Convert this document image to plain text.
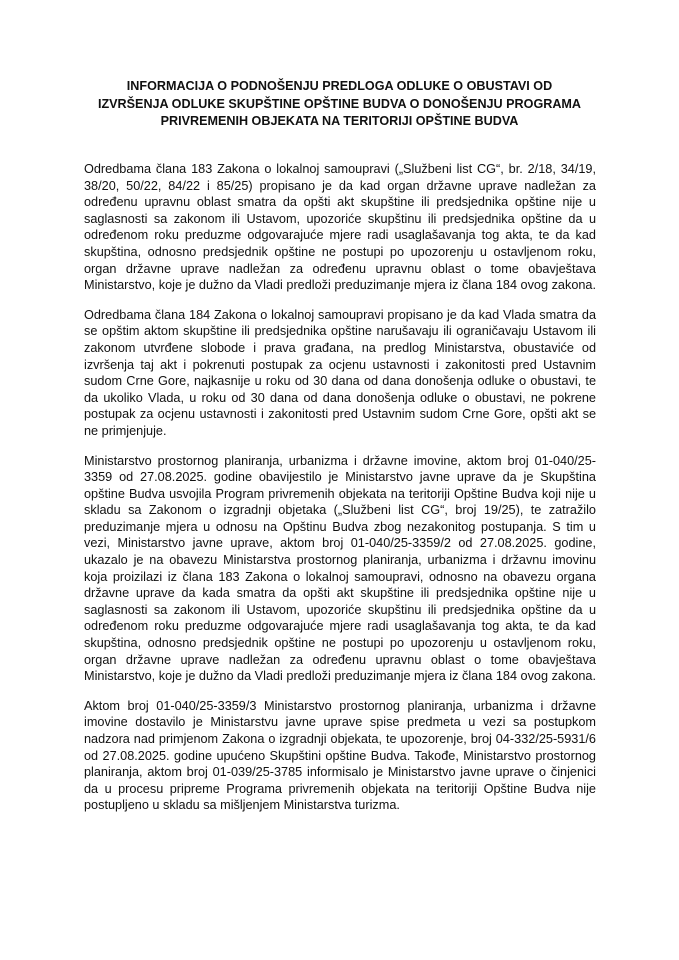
INFORMACIJA O PODNOŠENJU PREDLOGA ODLUKE O OBUSTAVI OD IZVRŠENJA ODLUKE SKUPŠTINE OPŠTINE BUDVA O DONOŠENJU PROGRAMA PRIVREMENIH OBJEKATA NA TERITORIJI OPŠTINE BUDVA

Odredbama člana 183 Zakona o lokalnoj samoupravi („Službeni list CG“, br. 2/18, 34/19, 38/20, 50/22, 84/22 i 85/25) propisano je da kad organ državne uprave nadležan za određenu upravnu oblast smatra da opšti akt skupštine ili predsjednika opštine nije u saglasnosti sa zakonom ili Ustavom, upozoriće skupštinu ili predsjednika opštine da u određenom roku preduzme odgovarajuće mjere radi usaglašavanja tog akta, te da kad skupština, odnosno predsjednik opštine ne postupi po upozorenju u ostavljenom roku, organ državne uprave nadležan za određenu upravnu oblast o tome obavještava Ministarstvo, koje je dužno da Vladi predloži preduzimanje mjera iz člana 184 ovog zakona.

Odredbama člana 184 Zakona o lokalnoj samoupravi propisano je da kad Vlada smatra da se opštim aktom skupštine ili predsjednika opštine narušavaju ili ograničavaju Ustavom ili zakonom utvrđene slobode i prava građana, na predlog Ministarstva, obustaviće od izvršenja taj akt i pokrenuti postupak za ocjenu ustavnosti i zakonitosti pred Ustavnim sudom Crne Gore, najkasnije u roku od 30 dana od dana donošenja odluke o obustavi, te da ukoliko Vlada, u roku od 30 dana od dana donošenja odluke o obustavi, ne pokrene postupak za ocjenu ustavnosti i zakonitosti pred Ustavnim sudom Crne Gore, opšti akt se ne primjenjuje.

Ministarstvo prostornog planiranja, urbanizma i državne imovine, aktom broj 01-040/25-3359 od 27.08.2025. godine obavijestilo je Ministarstvo javne uprave da je Skupština opštine Budva usvojila Program privremenih objekata na teritoriji Opštine Budva koji nije u skladu sa Zakonom o izgradnji objetaka („Službeni list CG“, broj 19/25), te zatražilo preduzimanje mjera u odnosu na Opštinu Budva zbog nezakonitog postupanja. S tim u vezi, Ministarstvo javne uprave, aktom broj 01-040/25-3359/2 od 27.08.2025. godine, ukazalo je na obavezu Ministarstva prostornog planiranja, urbanizma i državnu imovinu koja proizilazi iz člana 183 Zakona o lokalnoj samoupravi, odnosno na obavezu organa državne uprave da kada smatra da opšti akt skupštine ili predsjednika opštine nije u saglasnosti sa zakonom ili Ustavom, upozoriće skupštinu ili predsjednika opštine da u određenom roku preduzme odgovarajuće mjere radi usaglašavanja tog akta, te da kad skupština, odnosno predsjednik opštine ne postupi po upozorenju u ostavljenom roku, organ državne uprave nadležan za određenu upravnu oblast o tome obavještava Ministarstvo, koje je dužno da Vladi predloži preduzimanje mjera iz člana 184 ovog zakona.

Aktom broj 01-040/25-3359/3 Ministarstvo prostornog planiranja, urbanizma i državne imovine dostavilo je Ministarstvu javne uprave spise predmeta u vezi sa postupkom nadzora nad primjenom Zakona o izgradnji objekata, te upozorenje, broj 04-332/25-5931/6 od 27.08.2025. godine upućeno Skupštini opštine Budva. Takođe, Ministarstvo prostornog planiranja, aktom broj 01-039/25-3785 informisalo je Ministarstvo javne uprave o činjenici da u procesu pripreme Programa privremenih objekata na teritoriji Opštine Budva nije postupljeno u skladu sa mišljenjem Ministarstva turizma.
